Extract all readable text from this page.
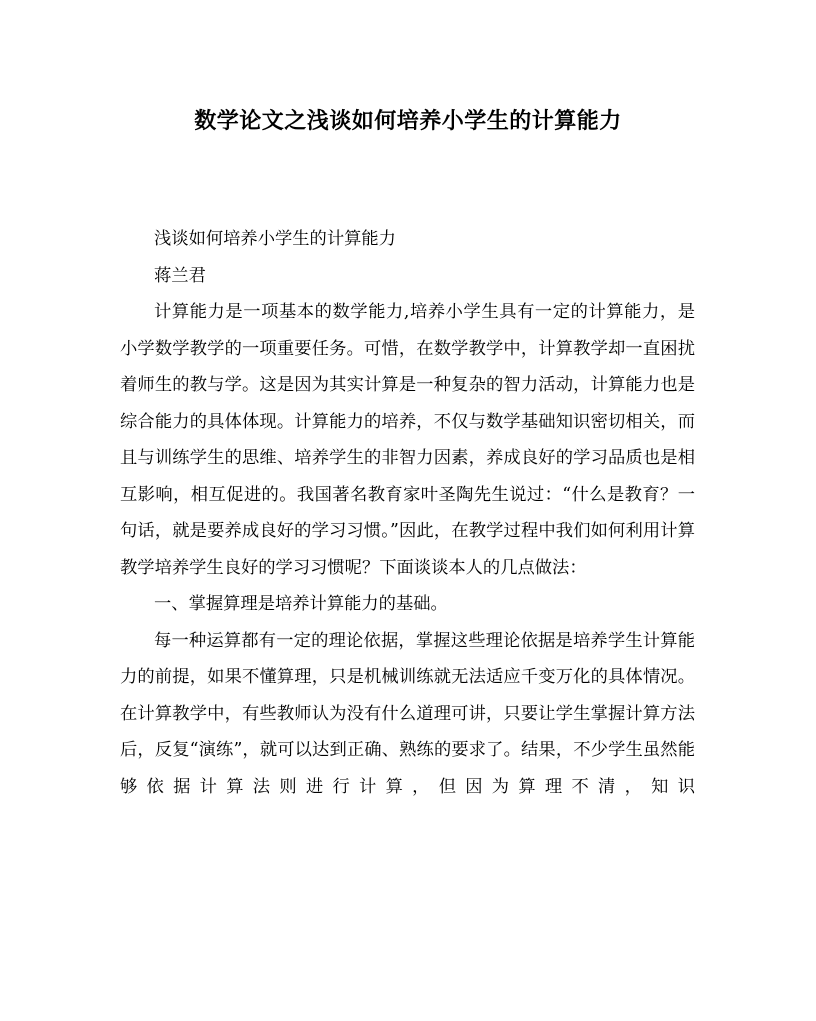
数学论文之浅谈如何培养小学生的计算能力

浅谈如何培养小学生的计算能力

蒋兰君

计算能力是一项基本的数学能力,培养小学生具有一定的计算能力，是小学数学教学的一项重要任务。可惜，在数学教学中，计算教学却一直困扰着师生的教与学。这是因为其实计算是一种复杂的智力活动，计算能力也是综合能力的具体体现。计算能力的培养，不仅与数学基础知识密切相关，而且与训练学生的思维、培养学生的非智力因素，养成良好的学习品质也是相互影响，相互促进的。我国著名教育家叶圣陶先生说过：“什么是教育？一句话，就是要养成良好的学习习惯。”因此，在教学过程中我们如何利用计算教学培养学生良好的学习习惯呢？下面谈谈本人的几点做法：

一、掌握算理是培养计算能力的基础。

每一种运算都有一定的理论依据，掌握这些理论依据是培养学生计算能力的前提，如果不懂算理，只是机械训练就无法适应千变万化的具体情况。在计算教学中，有些教师认为没有什么道理可讲，只要让学生掌握计算方法后，反复“演练”，就可以达到正确、熟练的要求了。结果，不少学生虽然能够依据计算法则进行计算，但因为算理不清，知识
